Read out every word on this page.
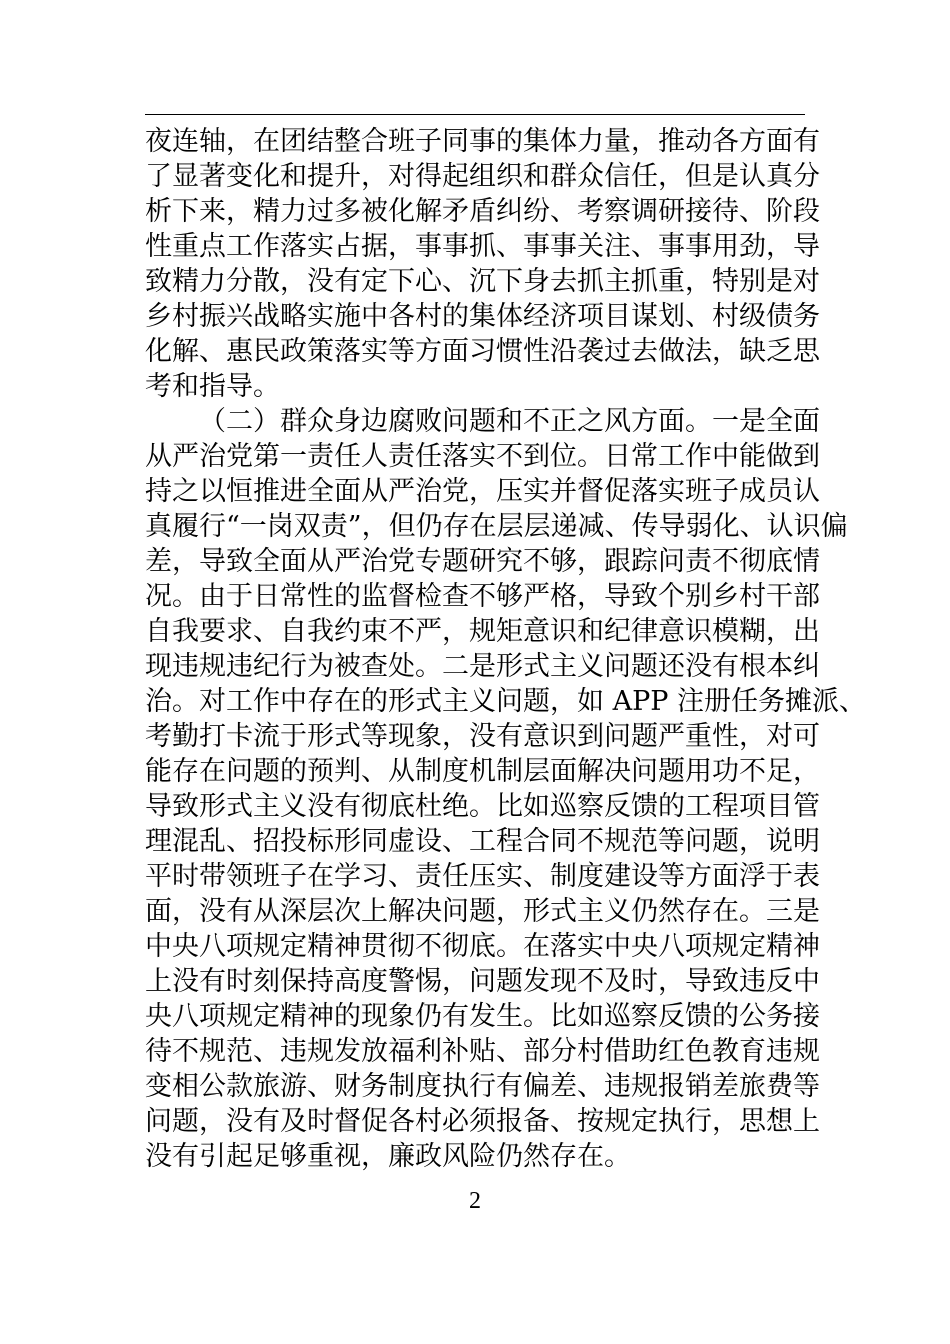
夜连轴，在团结整合班子同事的集体力量，推动各方面有
了显著变化和提升，对得起组织和群众信任，但是认真分
析下来，精力过多被化解矛盾纠纷、考察调研接待、阶段
性重点工作落实占据，事事抓、事事关注、事事用劲，导
致精力分散，没有定下心、沉下身去抓主抓重，特别是对
乡村振兴战略实施中各村的集体经济项目谋划、村级债务
化解、惠民政策落实等方面习惯性沿袭过去做法，缺乏思
考和指导。
（二）群众身边腐败问题和不正之风方面。一是全面
从严治党第一责任人责任落实不到位。日常工作中能做到
持之以恒推进全面从严治党，压实并督促落实班子成员认
真履行“一岗双责”，但仍存在层层递减、传导弱化、认识偏
差，导致全面从严治党专题研究不够，跟踪问责不彻底情
况。由于日常性的监督检查不够严格，导致个别乡村干部
自我要求、自我约束不严，规矩意识和纪律意识模糊，出
现违规违纪行为被查处。二是形式主义问题还没有根本纠
治。对工作中存在的形式主义问题，如 APP 注册任务摊派、
考勤打卡流于形式等现象，没有意识到问题严重性，对可
能存在问题的预判、从制度机制层面解决问题用功不足，
导致形式主义没有彻底杜绝。比如巡察反馈的工程项目管
理混乱、招投标形同虚设、工程合同不规范等问题，说明
平时带领班子在学习、责任压实、制度建设等方面浮于表
面，没有从深层次上解决问题，形式主义仍然存在。三是
中央八项规定精神贯彻不彻底。在落实中央八项规定精神
上没有时刻保持高度警惕，问题发现不及时，导致违反中
央八项规定精神的现象仍有发生。比如巡察反馈的公务接
待不规范、违规发放福利补贴、部分村借助红色教育违规
变相公款旅游、财务制度执行有偏差、违规报销差旅费等
问题，没有及时督促各村必须报备、按规定执行，思想上
没有引起足够重视，廉政风险仍然存在。
2
